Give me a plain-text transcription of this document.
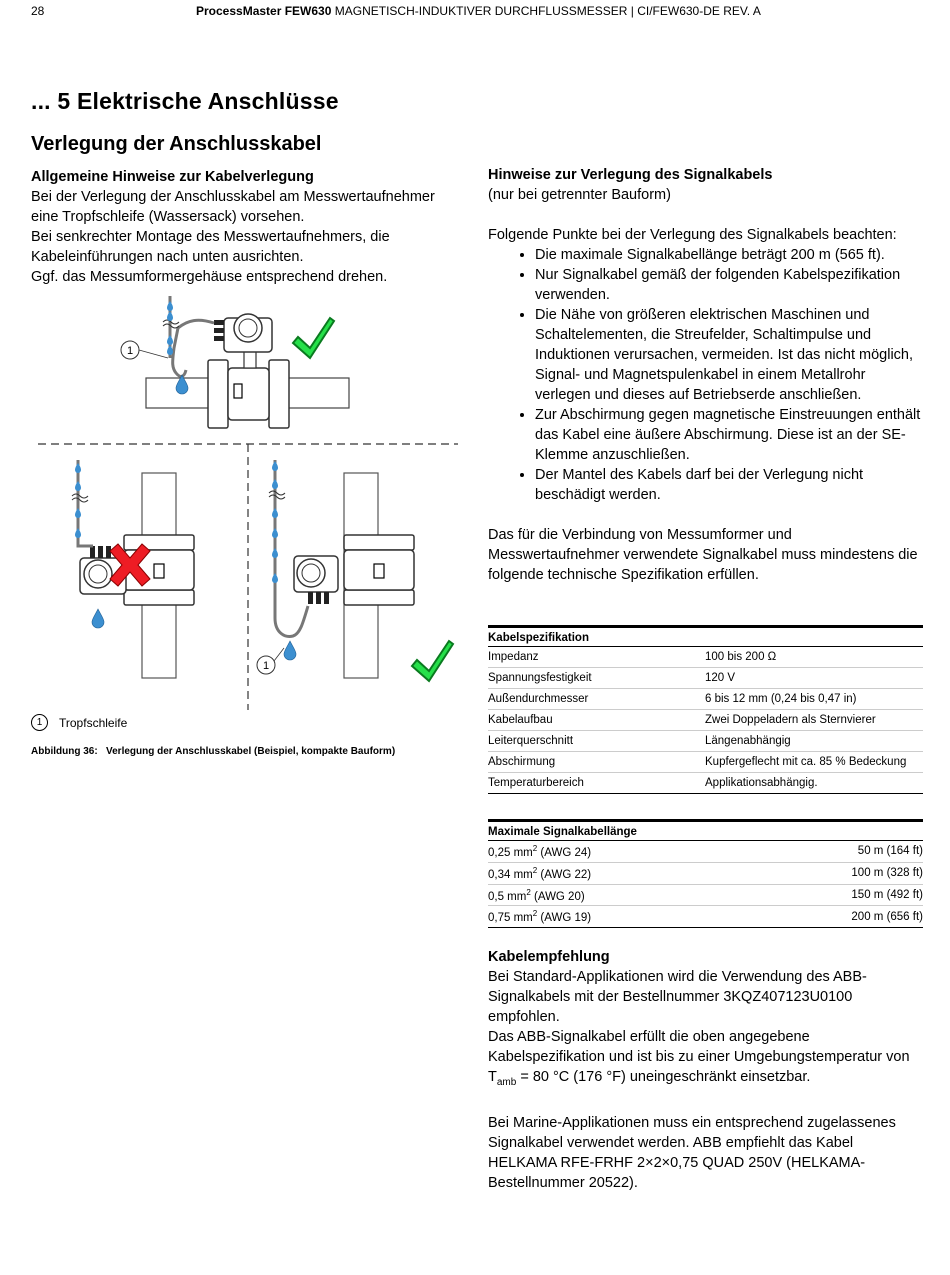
28	ProcessMaster FEW630 MAGNETISCH-INDUKTIVER DURCHFLUSSMESSER | CI/FEW630-DE REV. A
... 5 Elektrische Anschlüsse
Verlegung der Anschlusskabel
Allgemeine Hinweise zur Kabelverlegung
Bei der Verlegung der Anschlusskabel am Messwertaufnehmer
eine Tropfschleife (Wassersack) vorsehen.
Bei senkrechter Montage des Messwertaufnehmers, die
Kabeleinführungen nach unten ausrichten.
Ggf. das Messumformergehäuse entsprechend drehen.
1
1
1	Tropfschleife
Abbildung 36: Verlegung der Anschlusskabel (Beispiel, kompakte Bauform)
Hinweise zur Verlegung des Signalkabels
(nur bei getrennter Bauform)
Folgende Punkte bei der Verlegung des Signalkabels beachten:
• Die maximale Signalkabellänge beträgt 200 m (565 ft).
• Nur Signalkabel gemäß der folgenden Kabelspezifikation verwenden.
• Die Nähe von größeren elektrischen Maschinen und Schaltelementen, die Streufelder, Schaltimpulse und Induktionen verursachen, vermeiden. Ist das nicht möglich, Signal- und Magnetspulenkabel in einem Metallrohr verlegen und dieses auf Betriebserde anschließen.
• Zur Abschirmung gegen magnetische Einstreuungen enthält das Kabel eine äußere Abschirmung. Diese ist an der SE-Klemme anzuschließen.
• Der Mantel des Kabels darf bei der Verlegung nicht beschädigt werden.
Das für die Verbindung von Messumformer und Messwertaufnehmer verwendete Signalkabel muss mindestens die folgende technische Spezifikation erfüllen.
Kabelspezifikation	
Impedanz	100 bis 200 Ω
Spannungsfestigkeit	120 V
Außendurchmesser	6 bis 12 mm (0,24 bis 0,47 in)
Kabelaufbau	Zwei Doppeladern als Sternvierer
Leiterquerschnitt	Längenabhängig
Abschirmung	Kupfergeflecht mit ca. 85 % Bedeckung
Temperaturbereich	Applikationsabhängig.
Maximale Signalkabellänge	
0,25 $mm^2$ (AWG 24)	50 m (164 ft)
0,34 $mm^2$ (AWG 22)	100 m (328 ft)
0,5 $mm^2$ (AWG 20)	150 m (492 ft)
0,75 $mm^2$ (AWG 19)	200 m (656 ft)
Kabelempfehlung
Bei Standard-Applikationen wird die Verwendung des ABB-Signalkabels mit der Bestellnummer 3KQZ407123U0100 empfohlen.
Das ABB-Signalkabel erfüllt die oben angegebene Kabelspezifikation und ist bis zu einer Umgebungstemperatur von $T_{amb} = 80$ °C (176 °F) uneingeschränkt einsetzbar.
Bei Marine-Applikationen muss ein entsprechend zugelassenes Signalkabel verwendet werden. ABB empfiehlt das Kabel HELKAMA RFE-FRHF 2×2×0,75 QUAD 250V (HELKAMA-Bestellnummer 20522).
